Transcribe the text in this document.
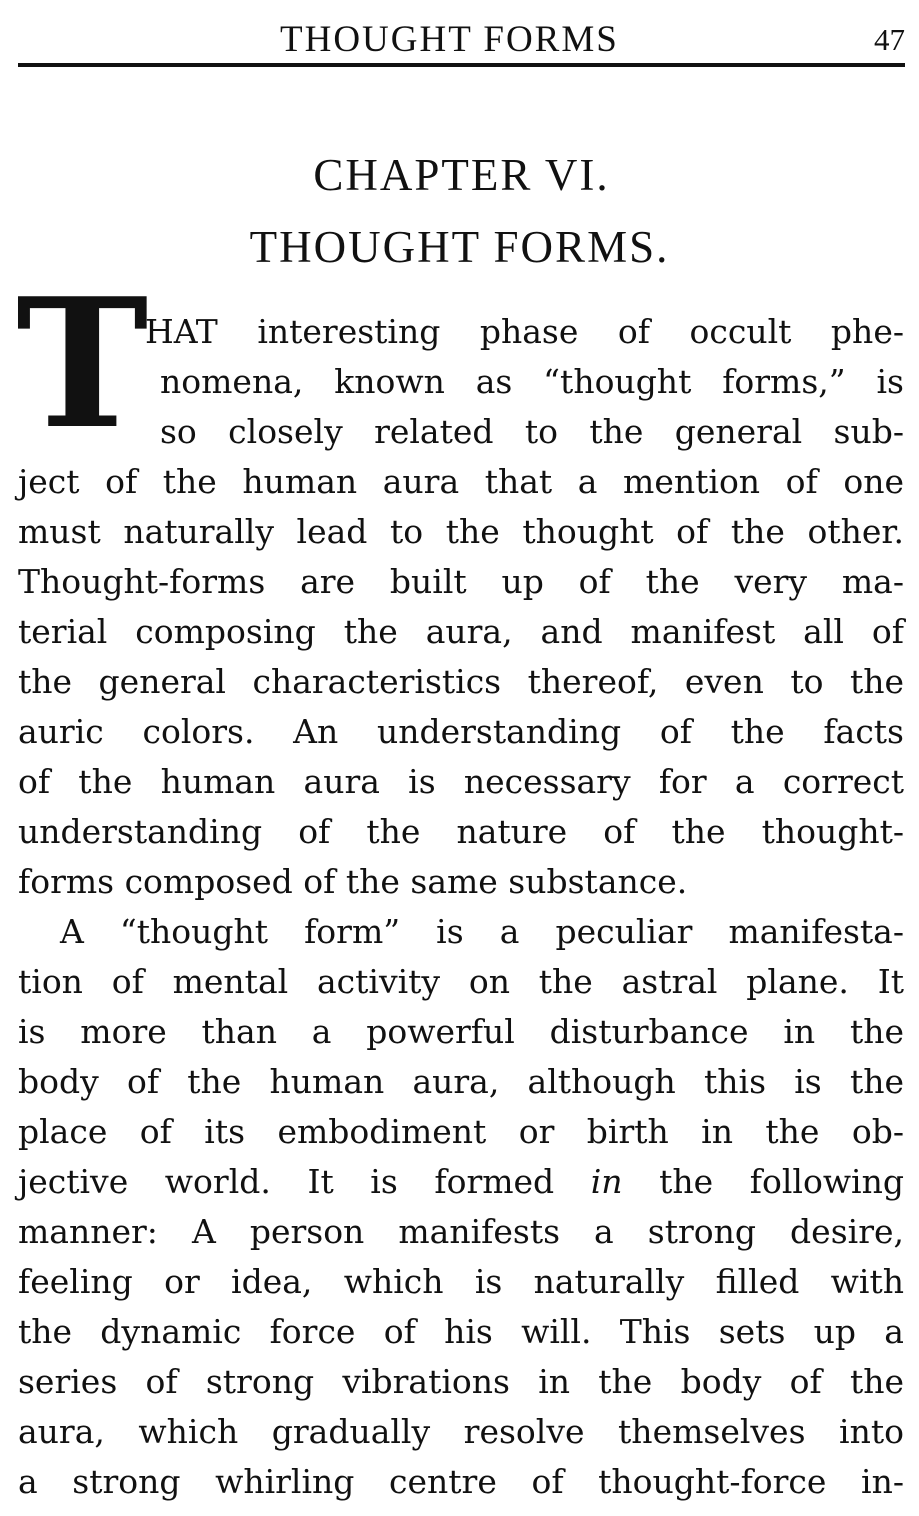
THOUGHT FORMS	47
CHAPTER VI.
THOUGHT FORMS.
T
HAT interesting phase of occult phe-
nomena, known as “thought forms,” is
so closely related to the general sub-
ject of the human aura that a mention of one
must naturally lead to the thought of the other.
Thought-forms are built up of the very ma-
terial composing the aura, and manifest all of
the general characteristics thereof, even to the
auric colors. An understanding of the facts
of the human aura is necessary for a correct
understanding of the nature of the thought-
forms composed of the same substance.
A “thought form” is a peculiar manifesta-
tion of mental activity on the astral plane. It
is more than a powerful disturbance in the
body of the human aura, although this is the
place of its embodiment or birth in the ob-
jective world. It is formed in the following
manner: A person manifests a strong desire,
feeling or idea, which is naturally filled with
the dynamic force of his will. This sets up a
series of strong vibrations in the body of the
aura, which gradually resolve themselves into
a strong whirling centre of thought-force in-
